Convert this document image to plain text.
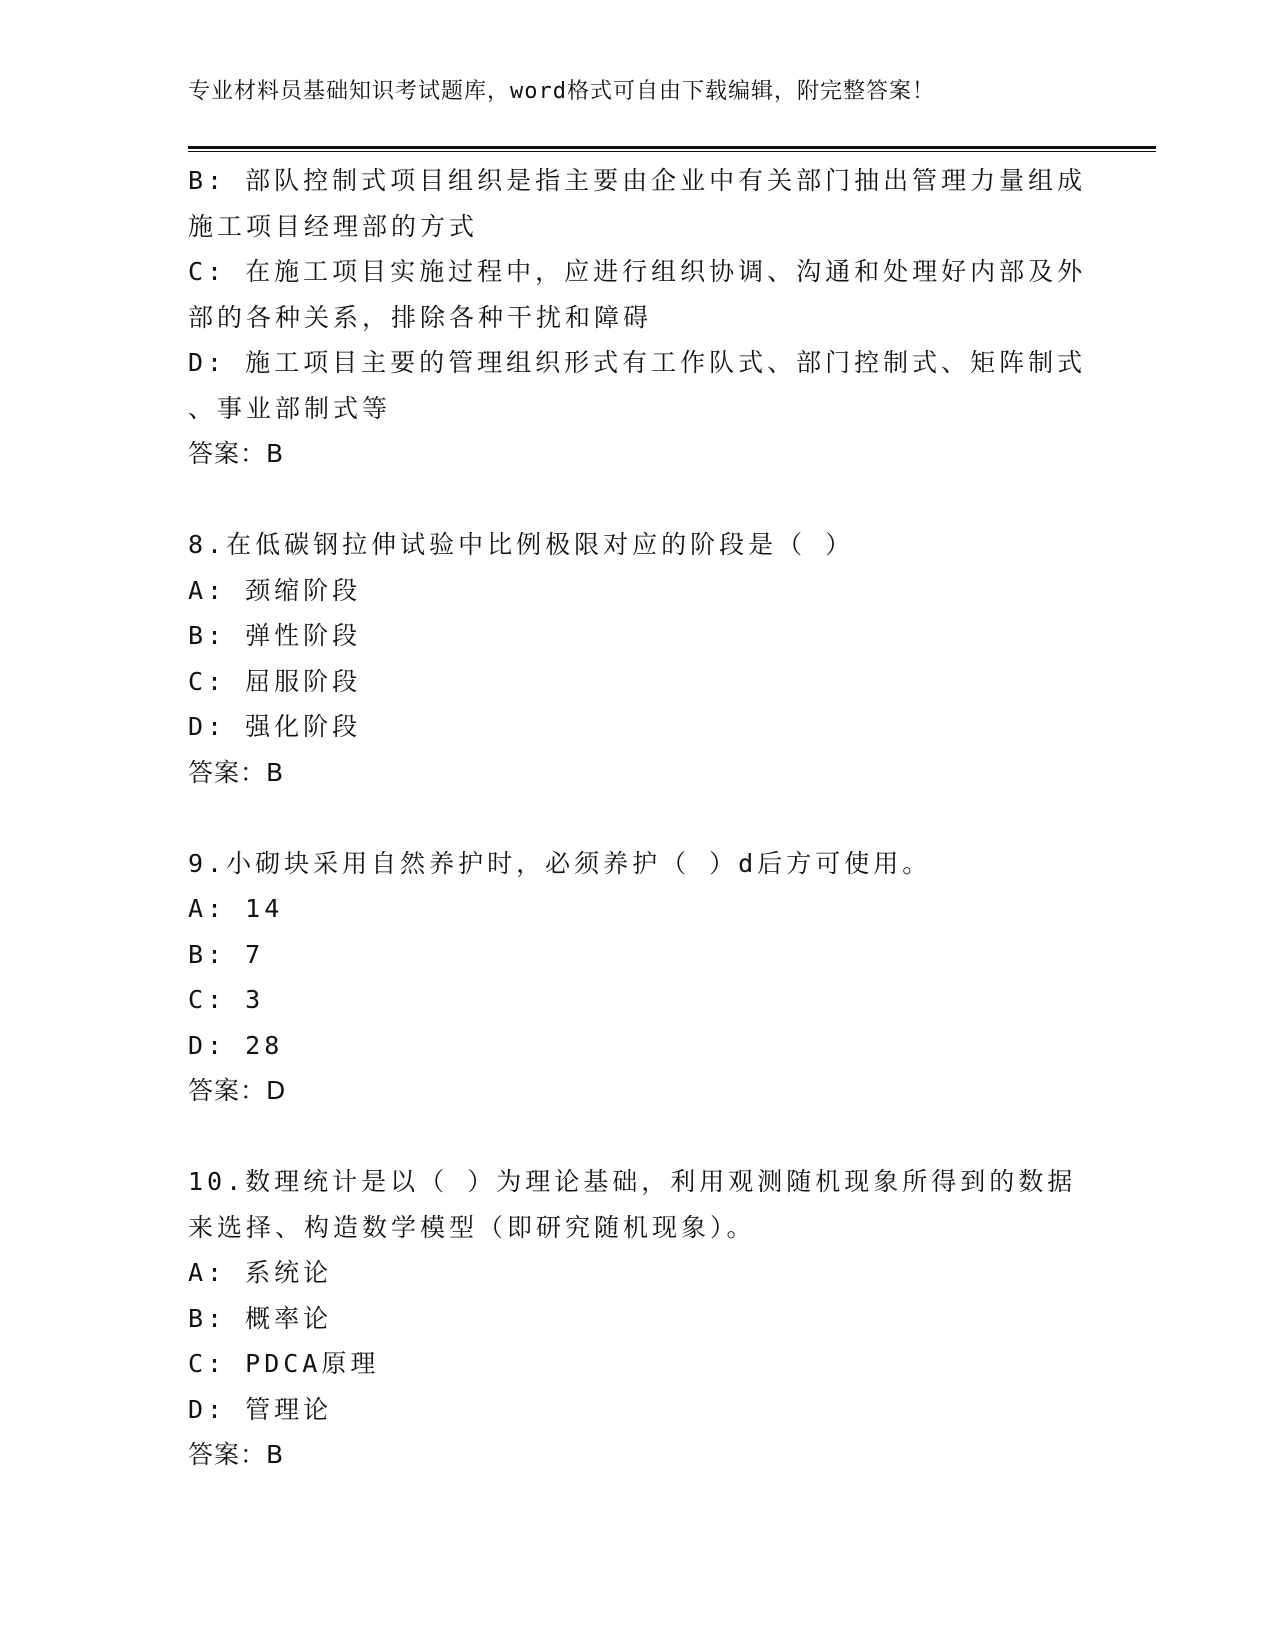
专业材料员基础知识考试题库，word格式可自由下载编辑，附完整答案！
B: 部队控制式项目组织是指主要由企业中有关部门抽出管理力量组成
施工项目经理部的方式
C: 在施工项目实施过程中，应进行组织协调、沟通和处理好内部及外
部的各种关系，排除各种干扰和障碍
D: 施工项目主要的管理组织形式有工作队式、部门控制式、矩阵制式
、事业部制式等
答案：B
8.在低碳钢拉伸试验中比例极限对应的阶段是（ ）
A: 颈缩阶段
B: 弹性阶段
C: 屈服阶段
D: 强化阶段
答案：B
9.小砌块采用自然养护时，必须养护（ ）d后方可使用。
A: 14
B: 7
C: 3
D: 28
答案：D
10.数理统计是以（ ）为理论基础，利用观测随机现象所得到的数据
来选择、构造数学模型（即研究随机现象）。
A: 系统论
B: 概率论
C: PDCA原理
D: 管理论
答案：B
